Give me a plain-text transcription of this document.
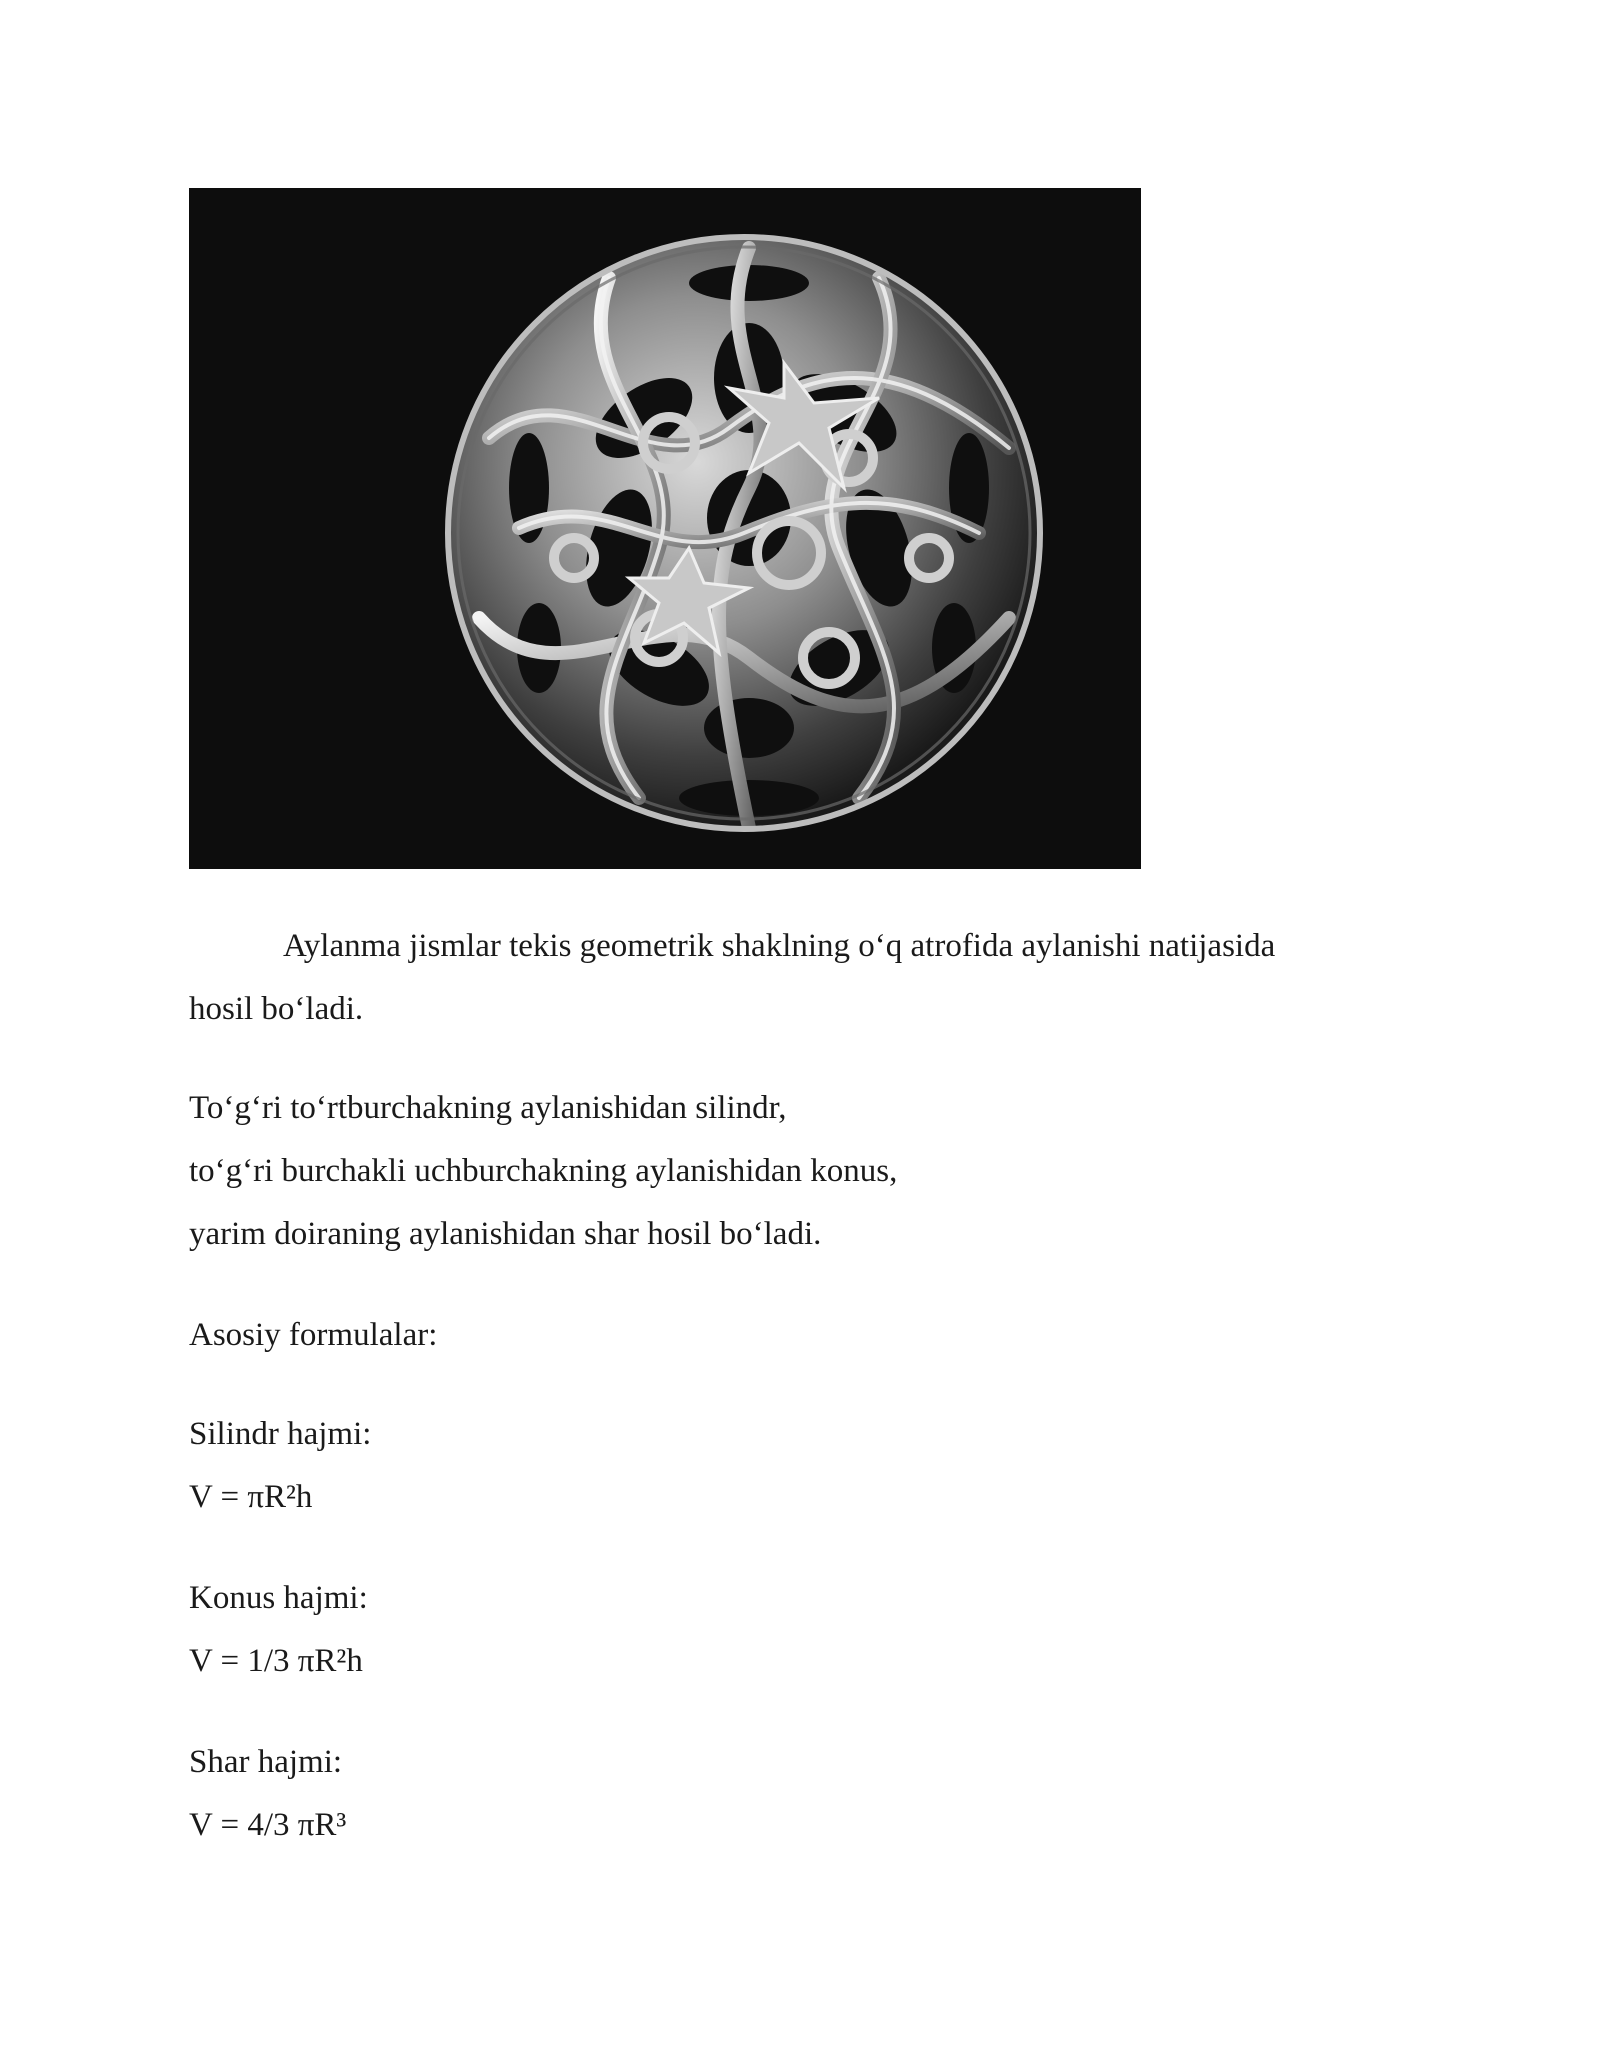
Aylanma jismlar tekis geometrik shaklning o‘q atrofida aylanishi natijasida
hosil bo‘ladi.
To‘g‘ri to‘rtburchakning aylanishidan silindr,
to‘g‘ri burchakli uchburchakning aylanishidan konus,
yarim doiraning aylanishidan shar hosil bo‘ladi.
Asosiy formulalar:
Silindr hajmi:
V = πR²h
Konus hajmi:
V = 1/3 πR²h
Shar hajmi:
V = 4/3 πR³
